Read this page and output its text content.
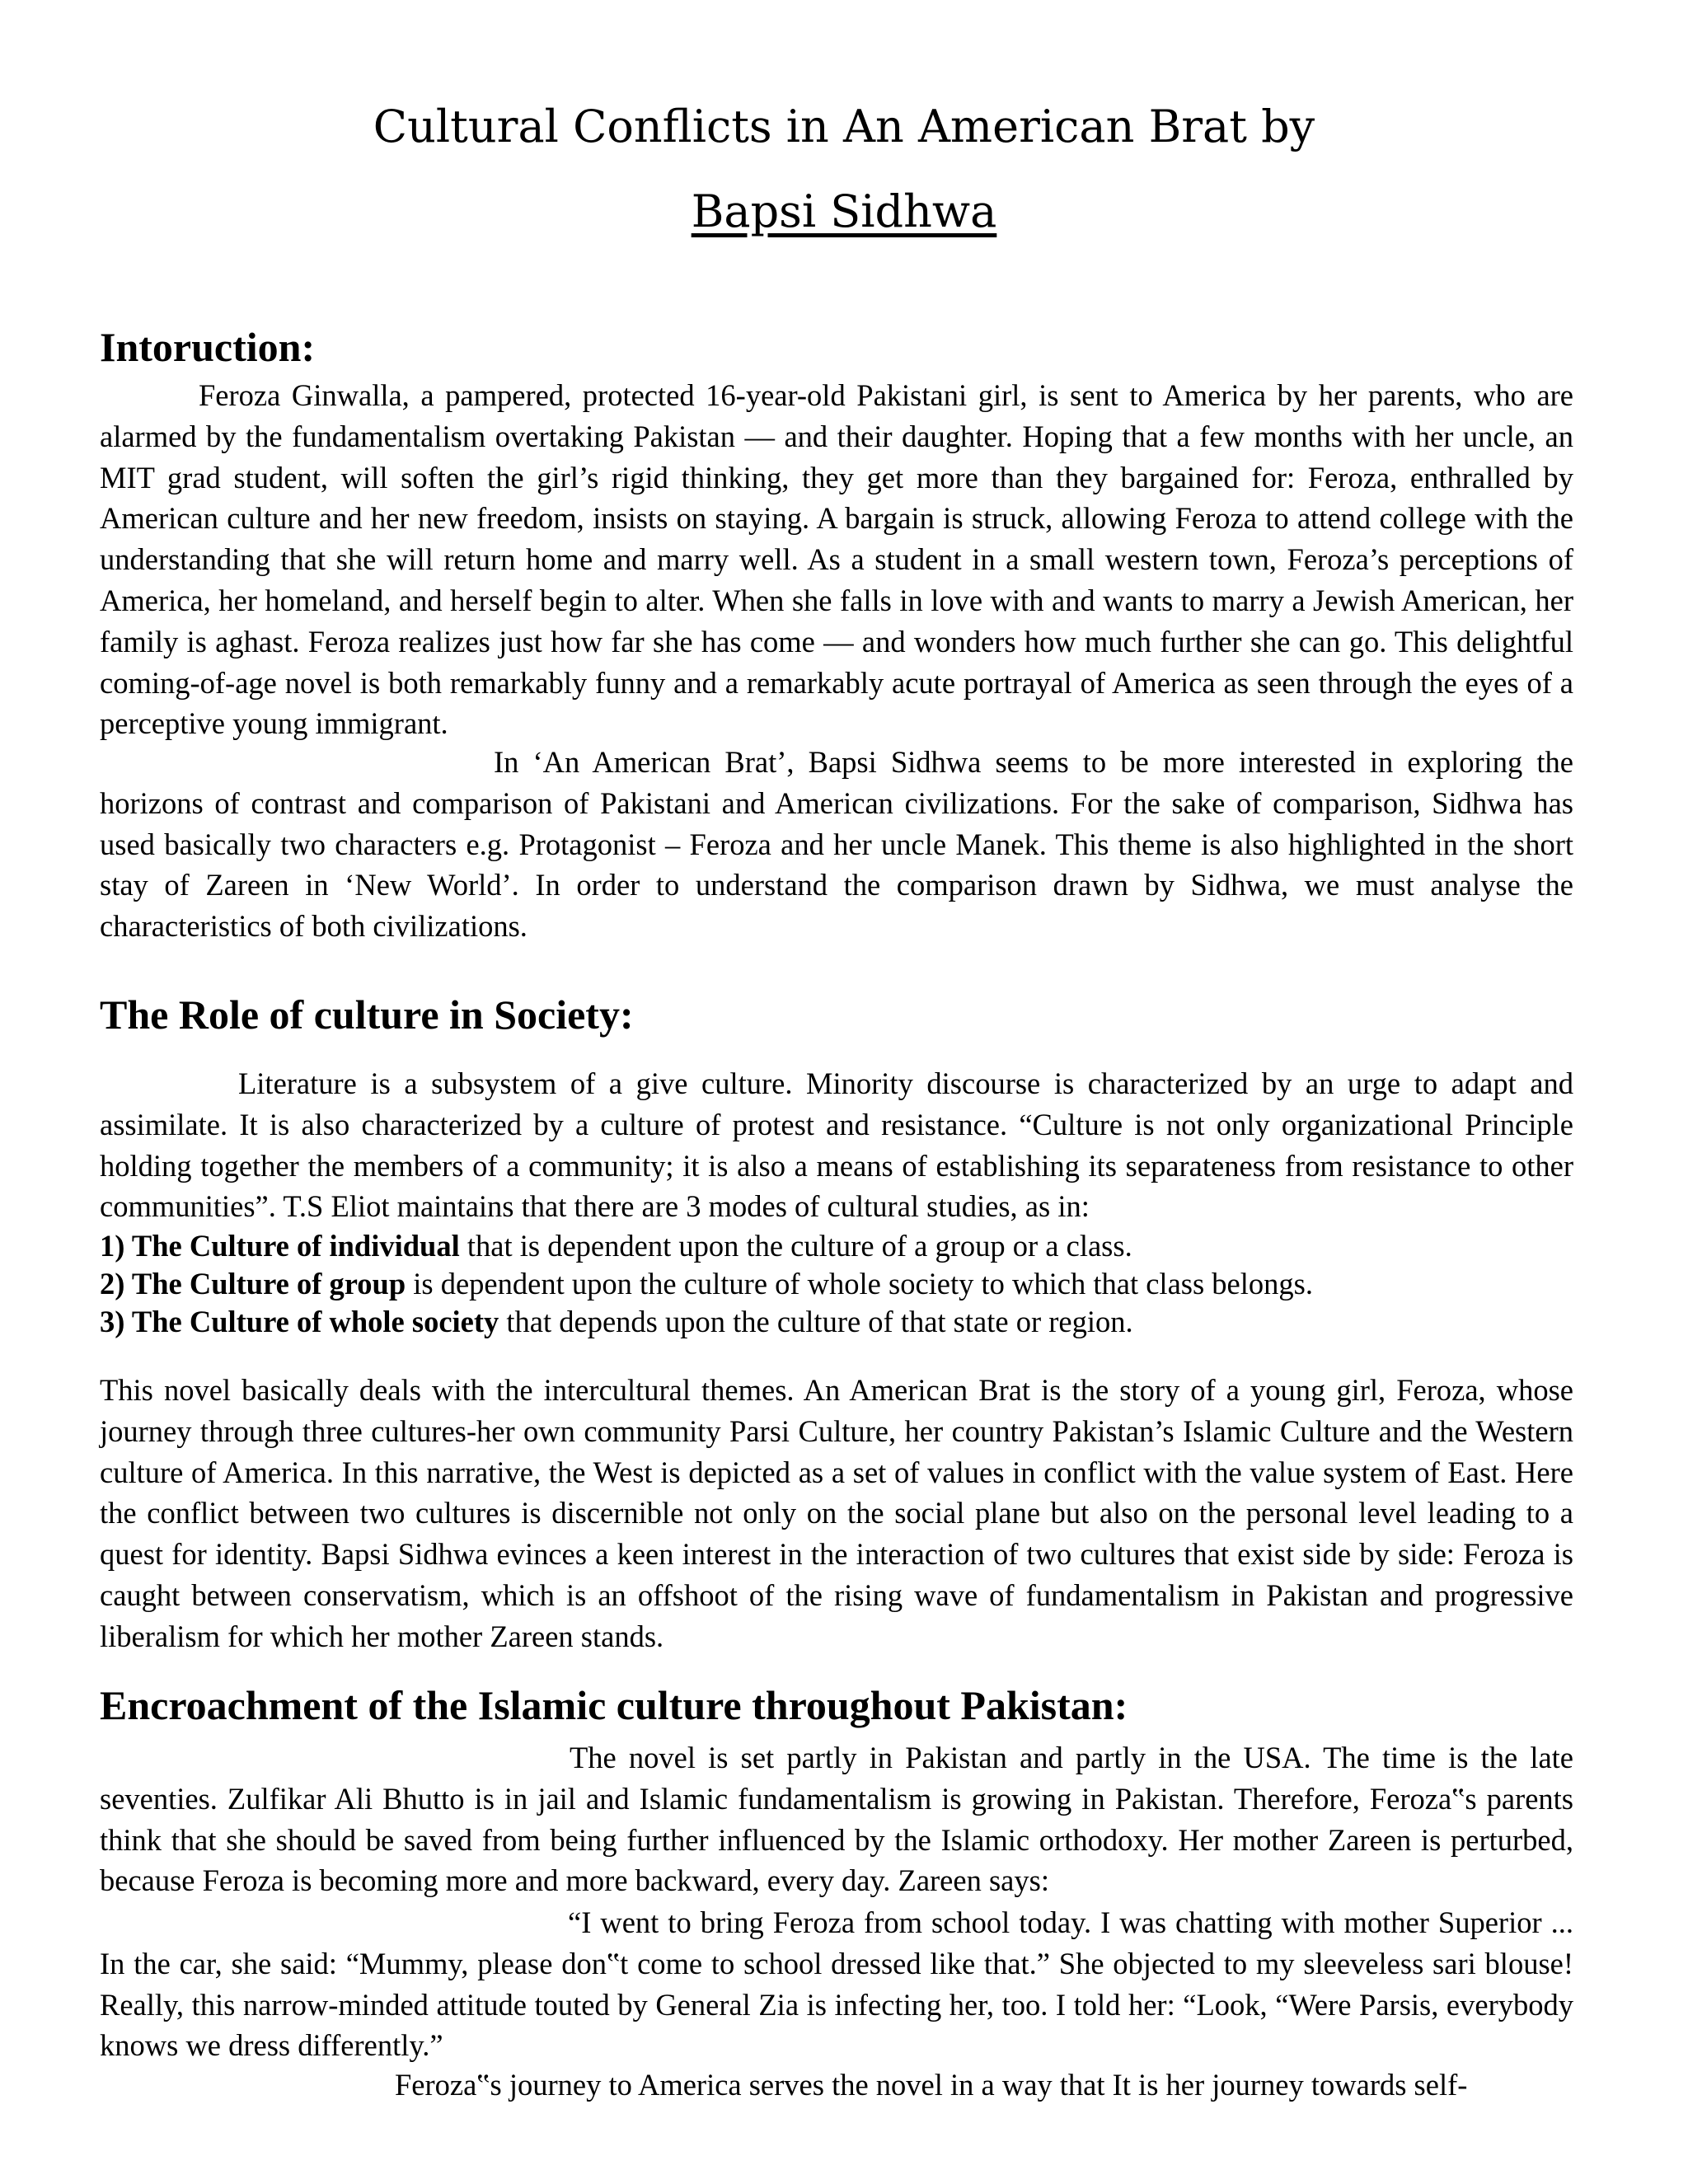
Cultural Conflicts in An American Brat by
Bapsi Sidhwa
Intoruction:

Feroza Ginwalla, a pampered, protected 16-year-old Pakistani girl, is sent to America by her parents, who are alarmed by the fundamentalism overtaking Pakistan — and their daughter. Hoping that a few months with her uncle, an MIT grad student, will soften the girl’s rigid thinking, they get more than they bargained for: Feroza, enthralled by American culture and her new freedom, insists on staying. A bargain is struck, allowing Feroza to attend college with the understanding that she will return home and marry well. As a student in a small western town, Feroza’s perceptions of America, her homeland, and herself begin to alter. When she falls in love with and wants to marry a Jewish American, her family is aghast. Feroza realizes just how far she has come — and wonders how much further she can go. This delightful coming-of-age novel is both remarkably funny and a remarkably acute portrayal of America as seen through the eyes of a perceptive young immigrant.

In ‘An American Brat’, Bapsi Sidhwa seems to be more interested in exploring the horizons of contrast and comparison of Pakistani and American civilizations. For the sake of comparison, Sidhwa has used basically two characters e.g. Protagonist – Feroza and her uncle Manek. This theme is also highlighted in the short stay of Zareen in ‘New World’. In order to understand the comparison drawn by Sidhwa, we must analyse the characteristics of both civilizations.

The Role of culture in Society:

Literature is a subsystem of a give culture. Minority discourse is characterized by an urge to adapt and assimilate. It is also characterized by a culture of protest and resistance. “Culture is not only organizational Principle holding together the members of a community; it is also a means of establishing its separateness from resistance to other communities”. T.S Eliot maintains that there are 3 modes of cultural studies, as in:

1) The Culture of individual that is dependent upon the culture of a group or a class.
2) The Culture of group is dependent upon the culture of whole society to which that class belongs.
3) The Culture of whole society that depends upon the culture of that state or region.

This novel basically deals with the intercultural themes. An American Brat is the story of a young girl, Feroza, whose journey through three cultures-her own community Parsi Culture, her country Pakistan’s Islamic Culture and the Western culture of America. In this narrative, the West is depicted as a set of values in conflict with the value system of East. Here the conflict between two cultures is discernible not only on the social plane but also on the personal level leading to a quest for identity. Bapsi Sidhwa evinces a keen interest in the interaction of two cultures that exist side by side: Feroza is caught between conservatism, which is an offshoot of the rising wave of fundamentalism in Pakistan and progressive liberalism for which her mother Zareen stands.

Encroachment of the Islamic culture throughout Pakistan:

The novel is set partly in Pakistan and partly in the USA. The time is the late seventies. Zulfikar Ali Bhutto is in jail and Islamic fundamentalism is growing in Pakistan. Therefore, Feroza‟s parents think that she should be saved from being further influenced by the Islamic orthodoxy. Her mother Zareen is perturbed, because Feroza is becoming more and more backward, every day. Zareen says:

“I went to bring Feroza from school today. I was chatting with mother Superior ... In the car, she said: “Mummy, please don‟t come to school dressed like that.” She objected to my sleeveless sari blouse! Really, this narrow-minded attitude touted by General Zia is infecting her, too. I told her: “Look, “Were Parsis, everybody knows we dress differently.”

Feroza‟s journey to America serves the novel in a way that It is her journey towards self-
